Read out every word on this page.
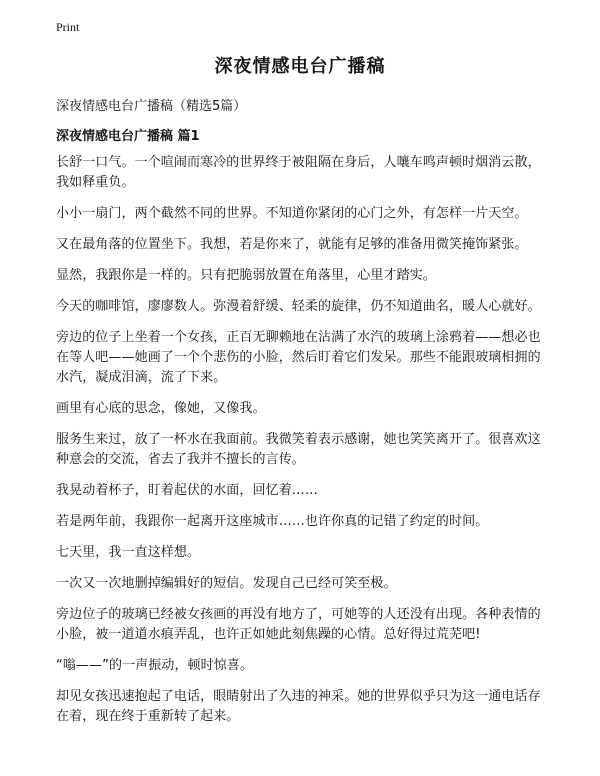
Print
深夜情感电台广播稿

深夜情感电台广播稿（精选5篇）

深夜情感电台广播稿 篇1

长舒一口气。一个喧闹而寒冷的世界终于被阻隔在身后，人嚷车鸣声顿时烟消云散，我如释重负。

小小一扇门，两个截然不同的世界。不知道你紧闭的心门之外，有怎样一片天空。

又在最角落的位置坐下。我想，若是你来了，就能有足够的准备用微笑掩饰紧张。

显然，我跟你是一样的。只有把脆弱放置在角落里，心里才踏实。

今天的咖啡馆，廖廖数人。弥漫着舒缓、轻柔的旋律，仍不知道曲名，暖人心就好。

旁边的位子上坐着一个女孩，正百无聊赖地在沾满了水汽的玻璃上涂鸦着——想必也在等人吧——她画了一个个悲伤的小脸，然后盯着它们发呆。那些不能跟玻璃相拥的水汽，凝成泪滴，流了下来。

画里有心底的思念，像她，又像我。

服务生来过，放了一杯水在我面前。我微笑着表示感谢，她也笑笑离开了。很喜欢这种意会的交流，省去了我并不擅长的言传。

我晃动着杯子，盯着起伏的水面，回忆着……

若是两年前，我跟你一起离开这座城市……也许你真的记错了约定的时间。

七天里，我一直这样想。

一次又一次地删掉编辑好的短信。发现自己已经可笑至极。

旁边位子的玻璃已经被女孩画的再没有地方了，可她等的人还没有出现。各种表情的小脸，被一道道水痕弄乱，也许正如她此刻焦躁的心情。总好得过荒芜吧!

“嗡——”的一声振动，顿时惊喜。

却见女孩迅速抱起了电话，眼睛射出了久违的神采。她的世界似乎只为这一通电话存在着，现在终于重新转了起来。
